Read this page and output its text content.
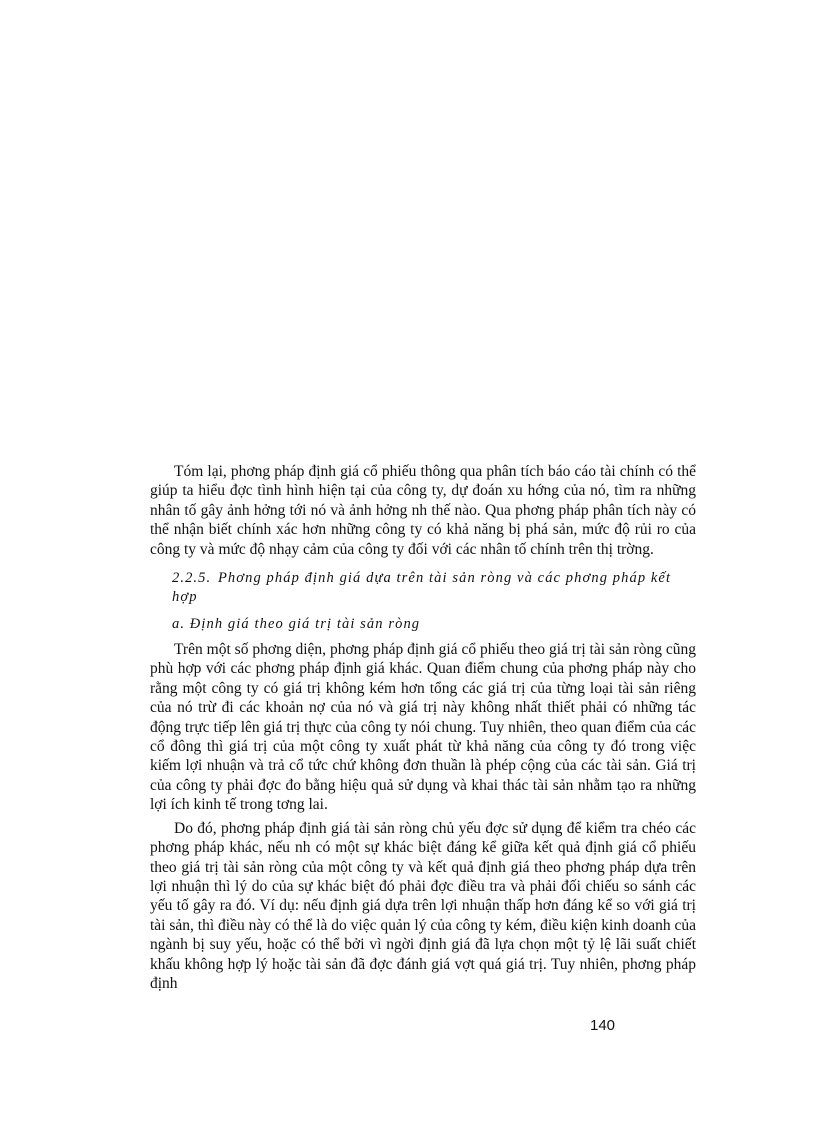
Tóm lại, phơng pháp định giá cổ phiếu thông qua phân tích báo cáo tài chính có thể giúp ta hiểu đợc tình hình hiện tại của công ty, dự đoán xu hớng của nó, tìm ra những nhân tố gây ảnh hởng tới nó và ảnh hởng nh thế nào. Qua phơng pháp phân tích này có thể nhận biết chính xác hơn những công ty có khả năng bị phá sản, mức độ rủi ro của công ty và mức độ nhạy cảm của công ty đối với các nhân tố chính trên thị trờng.

2.2.5. Phơng pháp định giá dựa trên tài sản ròng và các phơng pháp kết hợp
a. Định giá theo giá trị tài sản ròng

Trên một số phơng diện, phơng pháp định giá cổ phiếu theo giá trị tài sản ròng cũng phù hợp với các phơng pháp định giá khác. Quan điểm chung của phơng pháp này cho rằng một công ty có giá trị không kém hơn tổng các giá trị của từng loại tài sản riêng của nó trừ đi các khoản nợ của nó và giá trị này không nhất thiết phải có những tác động trực tiếp lên giá trị thực của công ty nói chung. Tuy nhiên, theo quan điểm của các cổ đông thì giá trị của một công ty xuất phát từ khả năng của công ty đó trong việc kiếm lợi nhuận và trả cổ tức chứ không đơn thuần là phép cộng của các tài sản. Giá trị của công ty phải đợc đo bằng hiệu quả sử dụng và khai thác tài sản nhằm tạo ra những lợi ích kinh tế trong tơng lai.

Do đó, phơng pháp định giá tài sản ròng chủ yếu đợc sử dụng để kiểm tra chéo các phơng pháp khác, nếu nh có một sự khác biệt đáng kể giữa kết quả định giá cổ phiếu theo giá trị tài sản ròng của một công ty và kết quả định giá theo phơng pháp dựa trên lợi nhuận thì lý do của sự khác biệt đó phải đợc điều tra và phải đối chiếu so sánh các yếu tố gây ra đó. Ví dụ: nếu định giá dựa trên lợi nhuận thấp hơn đáng kể so với giá trị tài sản, thì điều này có thể là do việc quản lý của công ty kém, điều kiện kinh doanh của ngành bị suy yếu, hoặc có thể bởi vì ngời định giá đã lựa chọn một tỷ lệ lãi suất chiết khấu không hợp lý hoặc tài sản đã đợc đánh giá vợt quá giá trị. Tuy nhiên, phơng pháp định

140
